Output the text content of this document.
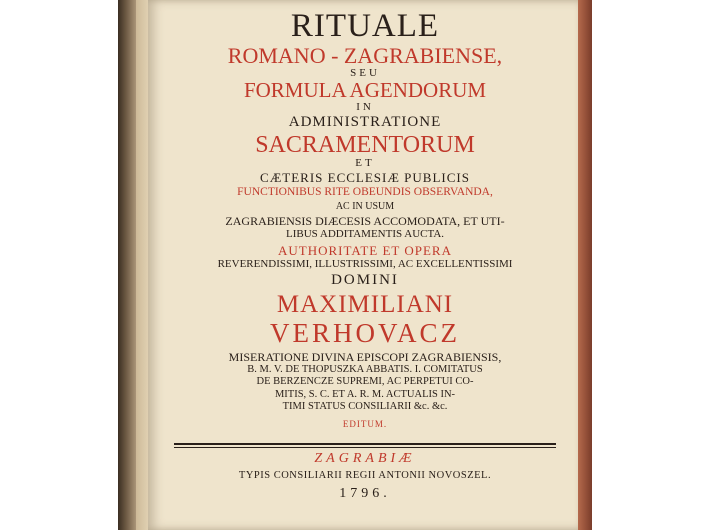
RITUALE
ROMANO - ZAGRABIENSE,
SEU
FORMULA AGENDORUM
IN
ADMINISTRATIONE
SACRAMENTORUM
ET
CÆTERIS ECCLESIÆ PUBLICIS
FUNCTIONIBUS RITE OBEUNDIS OBSERVANDA,
AC IN USUM
ZAGRABIENSIS DIÆCESIS ACCOMODATA, ET UTI-
LIBUS ADDITAMENTIS AUCTA.
AUTHORITATE ET OPERA
REVERENDISSIMI, ILLUSTRISSIMI, AC EXCELLENTISSIMI
DOMINI
MAXIMILIANI
VERHOVACZ
MISERATIONE DIVINA EPISCOPI ZAGRABIENSIS,
B. M. V. DE THOPUSZKA ABBATIS. I. COMITATUS
DE BERZENCZE SUPREMI, AC PERPETUI CO-
MITIS, S. C. ET A. R. M. ACTUALIS IN-
TIMI STATUS CONSILIARII &c. &c.
EDITUM.
ZAGRABIÆ
TYPIS CONSILIARII REGII ANTONII NOVOSZEL.
1796.
